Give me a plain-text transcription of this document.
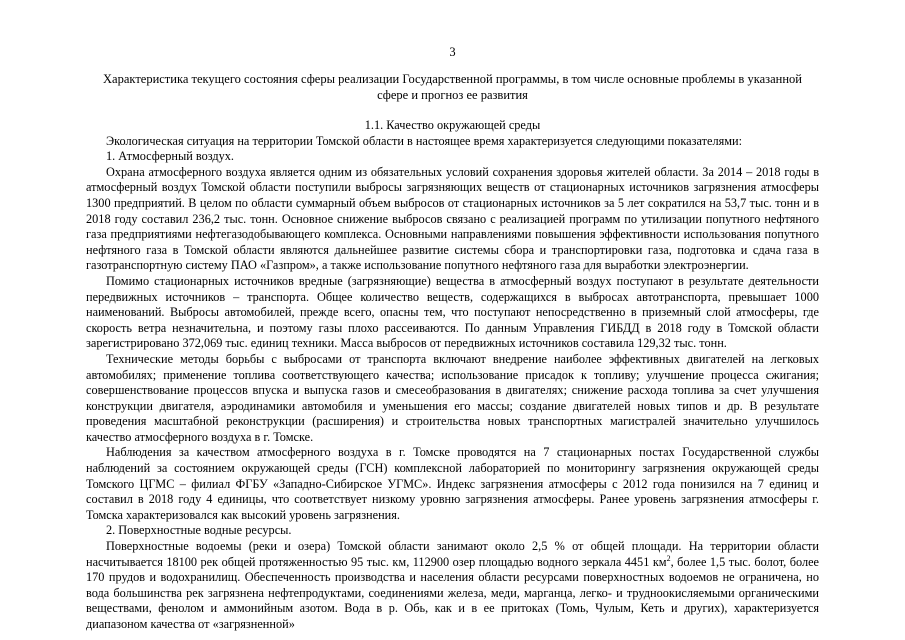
3
Характеристика текущего состояния сферы реализации Государственной программы, в том числе основные проблемы в указанной сфере и прогноз ее развития

1.1. Качество окружающей среды

Экологическая ситуация на территории Томской области в настоящее время характеризуется следующими показателями:

1. Атмосферный воздух.

Охрана атмосферного воздуха является одним из обязательных условий сохранения здоровья жителей области. За 2014 – 2018 годы в атмосферный воздух Томской области поступили выбросы загрязняющих веществ от стационарных источников загрязнения атмосферы 1300 предприятий. В целом по области суммарный объем выбросов от стационарных источников за 5 лет сократился на 53,7 тыс. тонн и в 2018 году составил 236,2 тыс. тонн. Основное снижение выбросов связано с реализацией программ по утилизации попутного нефтяного газа предприятиями нефтегазодобывающего комплекса. Основными направлениями повышения эффективности использования попутного нефтяного газа в Томской области являются дальнейшее развитие системы сбора и транспортировки газа, подготовка и сдача газа в газотранспортную систему ПАО «Газпром», а также использование попутного нефтяного газа для выработки электроэнергии.

Помимо стационарных источников вредные (загрязняющие) вещества в атмосферный воздух поступают в результате деятельности передвижных источников – транспорта. Общее количество веществ, содержащихся в выбросах автотранспорта, превышает 1000 наименований. Выбросы автомобилей, прежде всего, опасны тем, что поступают непосредственно в приземный слой атмосферы, где скорость ветра незначительна, и поэтому газы плохо рассеиваются. По данным Управления ГИБДД в 2018 году в Томской области зарегистрировано 372,069 тыс. единиц техники. Масса выбросов от передвижных источников составила 129,32 тыс. тонн.

Технические методы борьбы с выбросами от транспорта включают внедрение наиболее эффективных двигателей на легковых автомобилях; применение топлива соответствующего качества; использование присадок к топливу; улучшение процесса сжигания; совершенствование процессов впуска и выпуска газов и смесеобразования в двигателях; снижение расхода топлива за счет улучшения конструкции двигателя, аэродинамики автомобиля и уменьшения его массы; создание двигателей новых типов и др. В результате проведения масштабной реконструкции (расширения) и строительства новых транспортных магистралей значительно улучшилось качество атмосферного воздуха в г. Томске.

Наблюдения за качеством атмосферного воздуха в г. Томске проводятся на 7 стационарных постах Государственной службы наблюдений за состоянием окружающей среды (ГСН) комплексной лабораторией по мониторингу загрязнения окружающей среды Томского ЦГМС – филиал ФГБУ «Западно-Сибирское УГМС». Индекс загрязнения атмосферы с 2012 года понизился на 7 единиц и составил в 2018 году 4 единицы, что соответствует низкому уровню загрязнения атмосферы. Ранее уровень загрязнения атмосферы г. Томска характеризовался как высокий уровень загрязнения.

2. Поверхностные водные ресурсы.

Поверхностные водоемы (реки и озера) Томской области занимают около 2,5 % от общей площади. На территории области насчитывается 18100 рек общей протяженностью 95 тыс. км, 112900 озер площадью водного зеркала 4451 $км^2$, более 1,5 тыс. болот, более 170 прудов и водохранилищ. Обеспеченность производства и населения области ресурсами поверхностных водоемов не ограничена, но вода большинства рек загрязнена нефтепродуктами, соединениями железа, меди, марганца, легко- и трудноокисляемыми органическими веществами, фенолом и аммонийным азотом. Вода в р. Обь, как и в ее притоках (Томь, Чулым, Кеть и других), характеризуется диапазоном качества от «загрязненной»
